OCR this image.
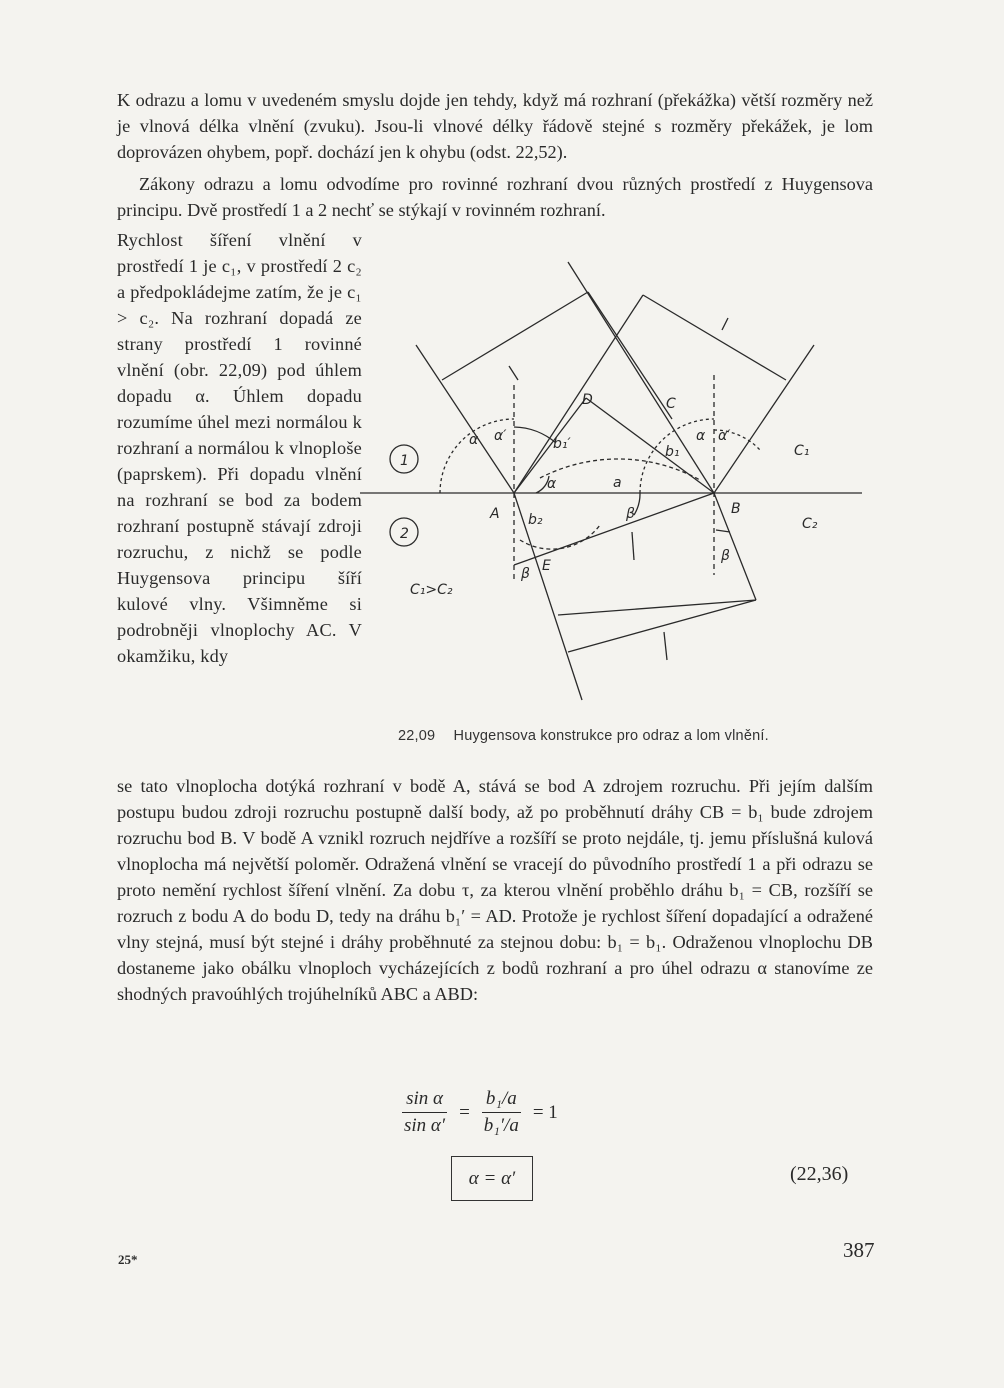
K odrazu a lomu v uvedeném smyslu dojde jen tehdy, když má rozhraní (překážka) větší rozměry než je vlnová délka vlnění (zvuku). Jsou-li vlnové délky řádově stejné s rozměry překážek, je lom doprovázen ohybem, popř. dochází jen k ohybu (odst. 22,52).

Zákony odrazu a lomu odvodíme pro rovinné rozhraní dvou různých prostředí z Huygensova principu. Dvě prostředí 1 a 2 nechť se stýkají v rovinném rozhraní.

Rychlost šíření vlnění v prostředí 1 je c₁, v prostředí 2 c₂ a předpokládejme zatím, že je c₁ > c₂. Na rozhraní dopadá ze strany prostředí 1 rovinné vlnění (obr. 22,09) pod úhlem dopadu α. Úhlem dopadu rozumíme úhel mezi normálou k rozhraní a normálou k vlnoploše (paprskem). Při dopadu vlnění na rozhraní se bod za bodem rozhraní postupně stávají zdroji rozruchu, z nichž se podle Huygensova principu šíří kulové vlny. Všimněme si podrobněji vlnoplochy AC. V okamžiku, kdy

D	C
A	B
E
1
2
C₁
C₂
C₁>C₂
α α′	α α′
b₁′	b₁
α	a
b₂	β
β
β
22,09 Huygensova konstrukce pro odraz a lom vlnění.

se tato vlnoplocha dotýká rozhraní v bodě A, stává se bod A zdrojem rozruchu. Při jejím dalším postupu budou zdroji rozruchu postupně další body, až po proběhnutí dráhy CB = b₁ bude zdrojem rozruchu bod B. V bodě A vznikl rozruch nejdříve a rozšíří se proto nejdále, tj. jemu příslušná kulová vlnoplocha má největší poloměr. Odražená vlnění se vracejí do původního prostředí 1 a při odrazu se proto nemění rychlost šíření vlnění. Za dobu τ, za kterou vlnění proběhlo dráhu b₁ = CB, rozšíří se rozruch z bodu A do bodu D, tedy na dráhu b₁′ = AD. Protože je rychlost šíření dopadající a odražené vlny stejná, musí být stejné i dráhy proběhnuté za stejnou dobu: b₁ = b₁. Odraženou vlnoplochu DB dostaneme jako obálku vlnoploch vycházejících z bodů rozhraní a pro úhel odrazu α stanovíme ze shodných pravoúhlých trojúhelníků ABC a ABD:

$\frac{\text{sin α}}{\text{sin α′}} = \frac{\text{b₁/a}}{\text{b₁′/a}} = 1$
α = α′	(22,36)
25*	387
